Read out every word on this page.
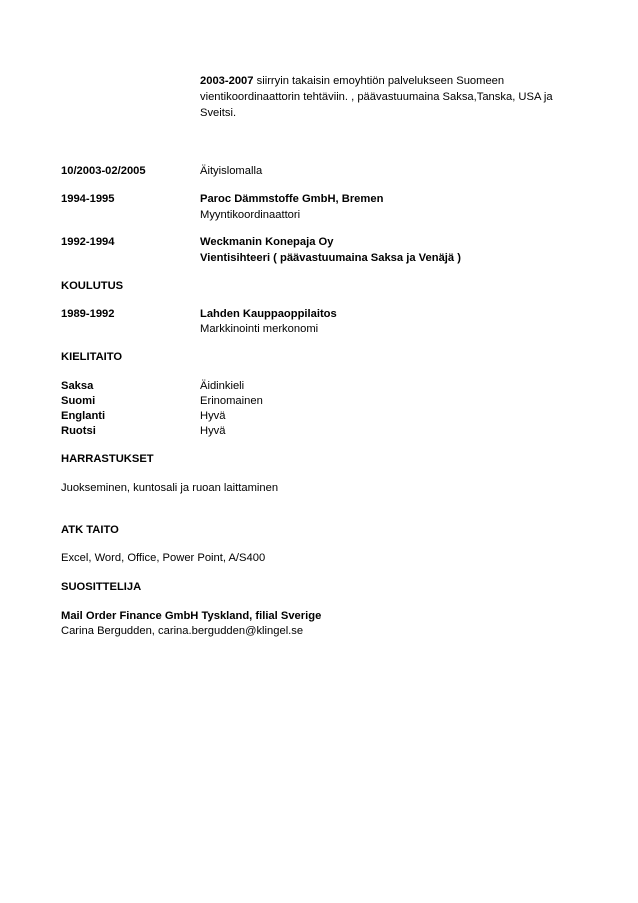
2003-2007 siirryin takaisin emoyhtiön palvelukseen Suomeen
vientikoordinaattorin tehtäviin. , päävastuumaina Saksa,Tanska, USA ja
Sveitsi.
10/2003-02/2005	Äityislomalla
1994-1995	Paroc Dämmstoffe GmbH, Bremen
Myyntikoordinaattori
1992-1994	Weckmanin Konepaja Oy
Vientisihteeri ( päävastuumaina Saksa ja Venäjä )
KOULUTUS
1989-1992	Lahden Kauppaoppilaitos
Markkinointi merkonomi
KIELITAITO
Saksa	Äidinkieli
Suomi	Erinomainen
Englanti	Hyvä
Ruotsi	Hyvä
HARRASTUKSET
Juokseminen, kuntosali ja ruoan laittaminen
ATK TAITO
Excel, Word, Office, Power Point, A/S400
SUOSITTELIJA
Mail Order Finance GmbH Tyskland, filial Sverige
Carina Bergudden, carina.bergudden@klingel.se
